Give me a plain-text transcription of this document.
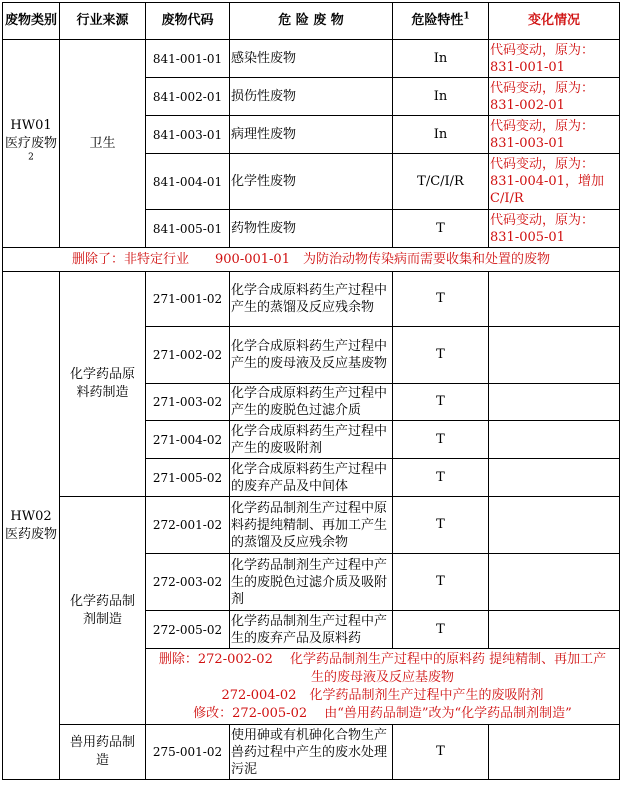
废物类别	行业来源	废物代码	危 险 废 物	危险特性$^1$	变化情况

HW01
医疗废物$^2$	卫生	841-001-01	感染性废物	In	代码变动，原为：831-001-01
		841-002-01	损伤性废物	In	代码变动，原为：831-002-01
		841-003-01	病理性废物	In	代码变动，原为：831-003-01
		841-004-01	化学性废物	T/C/I/R	代码变动，原为：831-004-01，增加C/I/R
		841-005-01	药物性废物	T	代码变动，原为：831-005-01
删除了：非特定行业　　900-001-01　为防治动物传染病而需要收集和处置的废物					

HW02
医药废物	化学药品原料药制造	271-001-02	化学合成原料药生产过程中产生的蒸馏及反应残余物	T	
		271-002-02	化学合成原料药生产过程中产生的废母液及反应基废物	T	
		271-003-02	化学合成原料药生产过程中产生的废脱色过滤介质	T	
		271-004-02	化学合成原料药生产过程中产生的废吸附剂	T	
		271-005-02	化学合成原料药生产过程中的废弃产品及中间体	T	
	化学药品制剂制造	272-001-02	化学药品制剂生产过程中原料药提纯精制、再加工产生的蒸馏及反应残余物	T	
		272-003-02	化学药品制剂生产过程中产生的废脱色过滤介质及吸附剂	T	
		272-005-02	化学药品制剂生产过程中产生的废弃产品及原料药	T	

		删除：272-002-02　 化学药品制剂生产过程中的原料药 提纯精制、再加工产
生的废母液及反应基废物
272-004-02　化学药品制剂生产过程中产生的废吸附剂
修改：272-005-02　 由“兽用药品制造”改为“化学药品制剂制造”			

	兽用药品制造	275-001-02	使用砷或有机砷化合物生产兽药过程中产生的废水处理污泥	T	
